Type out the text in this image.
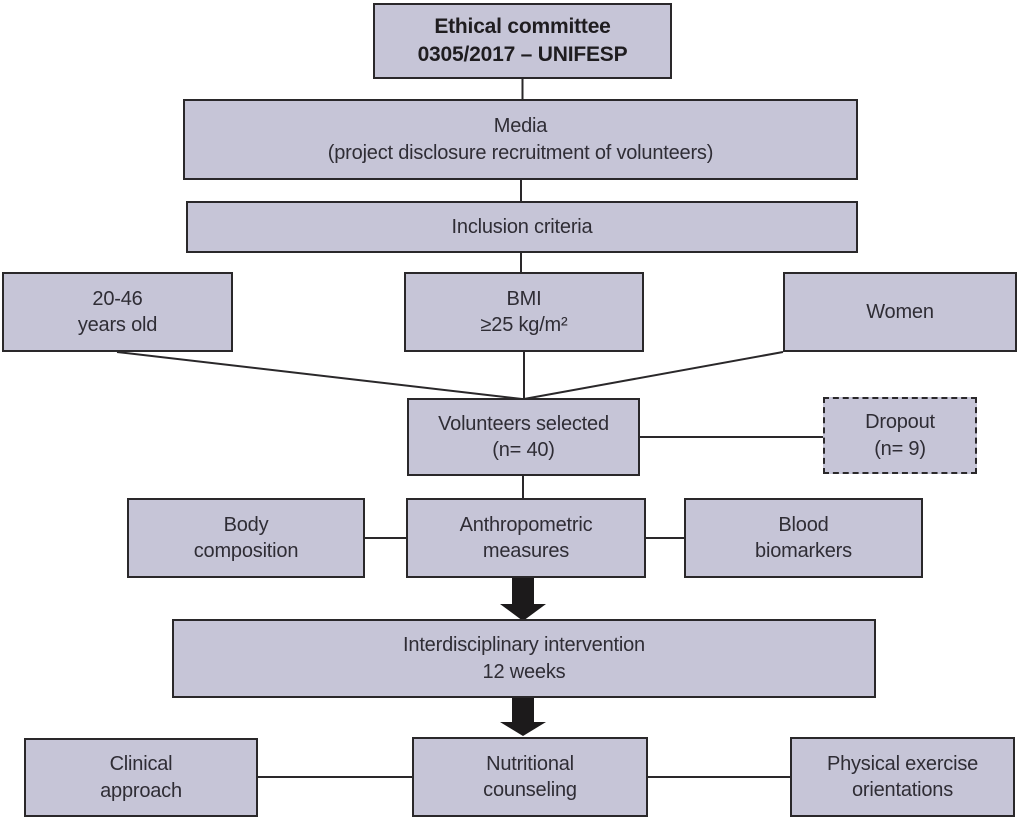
Ethical committee
0305/2017 – UNIFESP
Media
(project disclosure recruitment of volunteers)
Inclusion criteria
20-46
years old
BMI
≥25 kg/m²
Women
Volunteers selected
(n= 40)
Dropout
(n= 9)
Body
composition
Anthropometric
measures
Blood
biomarkers
Interdisciplinary intervention
12 weeks
Clinical
approach
Nutritional
counseling
Physical exercise
orientations
